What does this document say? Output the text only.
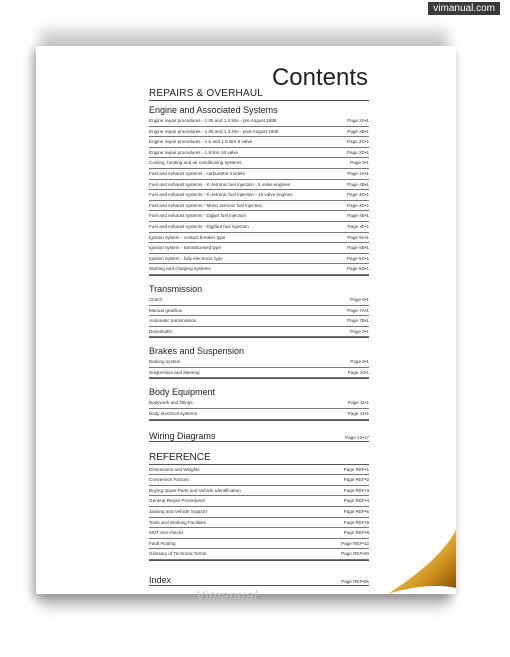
Contents
REPAIRS & OVERHAUL
Engine and Associated Systems
Engine repair procedures - 1.05 and 1.3 litre - pre August 1985	Page 2A•1
Engine repair procedures - 1.05 and 1.3 litre - post August 1985	Page 2B•1
Engine repair procedures - 1.6 and 1.8 litre 8 valve	Page 2C•1
Engine repair procedures - 1.8 litre 16 valve	Page 2D•1
Cooling, heating and air conditioning systems	Page 3•1
Fuel and exhaust systems - carburettor models	Page 4A•1
Fuel and exhaust systems - K-Jetronic fuel injection - 8 valve engines	Page 4B•1
Fuel and exhaust systems - K-Jetronic fuel injection - 16 valve engines	Page 4C•1
Fuel and exhaust systems - Mono Jetronic fuel injection	Page 4D•1
Fuel and exhaust systems - Digijet fuel injection	Page 4E•1
Fuel and exhaust systems - Digifant fuel injection	Page 4F•1
Ignition system - contact breaker type	Page 5A•1
Ignition system - transistorised type	Page 5B•1
Ignition system - fully electronic type	Page 5C•1
Starting and charging systems	Page 5D•1
Transmission
Clutch	Page 6•1
Manual gearbox	Page 7A•1
Automatic transmission	Page 7B•1
Driveshafts	Page 8•1
Brakes and Suspension
Braking system	Page 9•1
Suspension and steering	Page 10•1
Body Equipment
Bodywork and fittings	Page 11•1
Body electrical systems	Page 12•1
Wiring Diagrams	Page 12•17
REFERENCE
Dimensions and Weights	Page REF•1
Conversion Factors	Page REF•2
Buying Spare Parts and Vehicle Identification	Page REF•3
General Repair Procedures	Page REF•4
Jacking and Vehicle Support	Page REF•5
Tools and Working Facilities	Page REF•6
MOT test checks	Page REF•8
Fault Finding	Page REF•12
Glossary of Technical Terms	Page REF•20
Index	Page REF•25
Vimanual
vimanual.com
